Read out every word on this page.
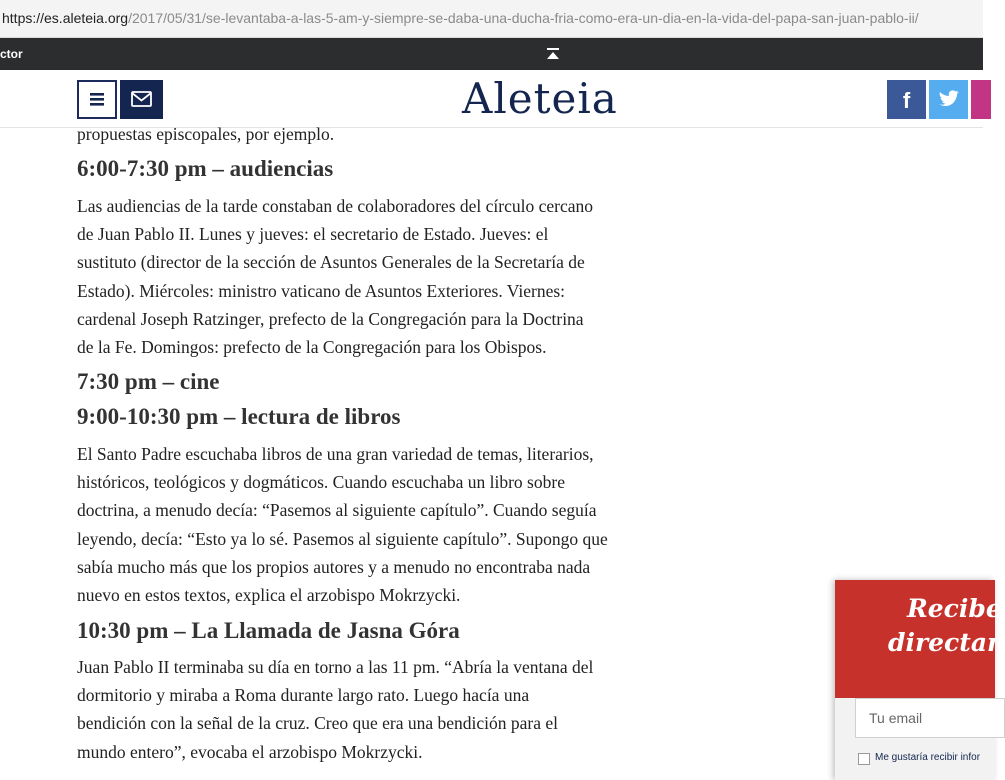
https://es.aleteia.org/2017/05/31/se-levantaba-a-las-5-am-y-siempre-se-daba-una-ducha-fria-como-era-un-dia-en-la-vida-del-papa-san-juan-pablo-ii/
ctor
Aleteia	f
propuestas episcopales, por ejemplo.
6:00-7:30 pm – audiencias
Las audiencias de la tarde constaban de colaboradores del círculo cercano
de Juan Pablo II. Lunes y jueves: el secretario de Estado. Jueves: el
sustituto (director de la sección de Asuntos Generales de la Secretaría de
Estado). Miércoles: ministro vaticano de Asuntos Exteriores. Viernes:
cardenal Joseph Ratzinger, prefecto de la Congregación para la Doctrina
de la Fe. Domingos: prefecto de la Congregación para los Obispos.
7:30 pm – cine
9:00-10:30 pm – lectura de libros
El Santo Padre escuchaba libros de una gran variedad de temas, literarios,
históricos, teológicos y dogmáticos. Cuando escuchaba un libro sobre
doctrina, a menudo decía: “Pasemos al siguiente capítulo”. Cuando seguía
leyendo, decía: “Esto ya lo sé. Pasemos al siguiente capítulo”. Supongo que
sabía mucho más que los propios autores y a menudo no encontraba nada
nuevo en estos textos, explica el arzobispo Mokrzycki.
10:30 pm – La Llamada de Jasna Góra
Juan Pablo II terminaba su día en torno a las 11 pm. “Abría la ventana del
dormitorio y miraba a Roma durante largo rato. Luego hacía una
bendición con la señal de la cruz. Creo que era una bendición para el
mundo entero”, evocaba el arzobispo Mokrzycki.
Recibe
directan
Tu email
Me gustaría recibir infor
